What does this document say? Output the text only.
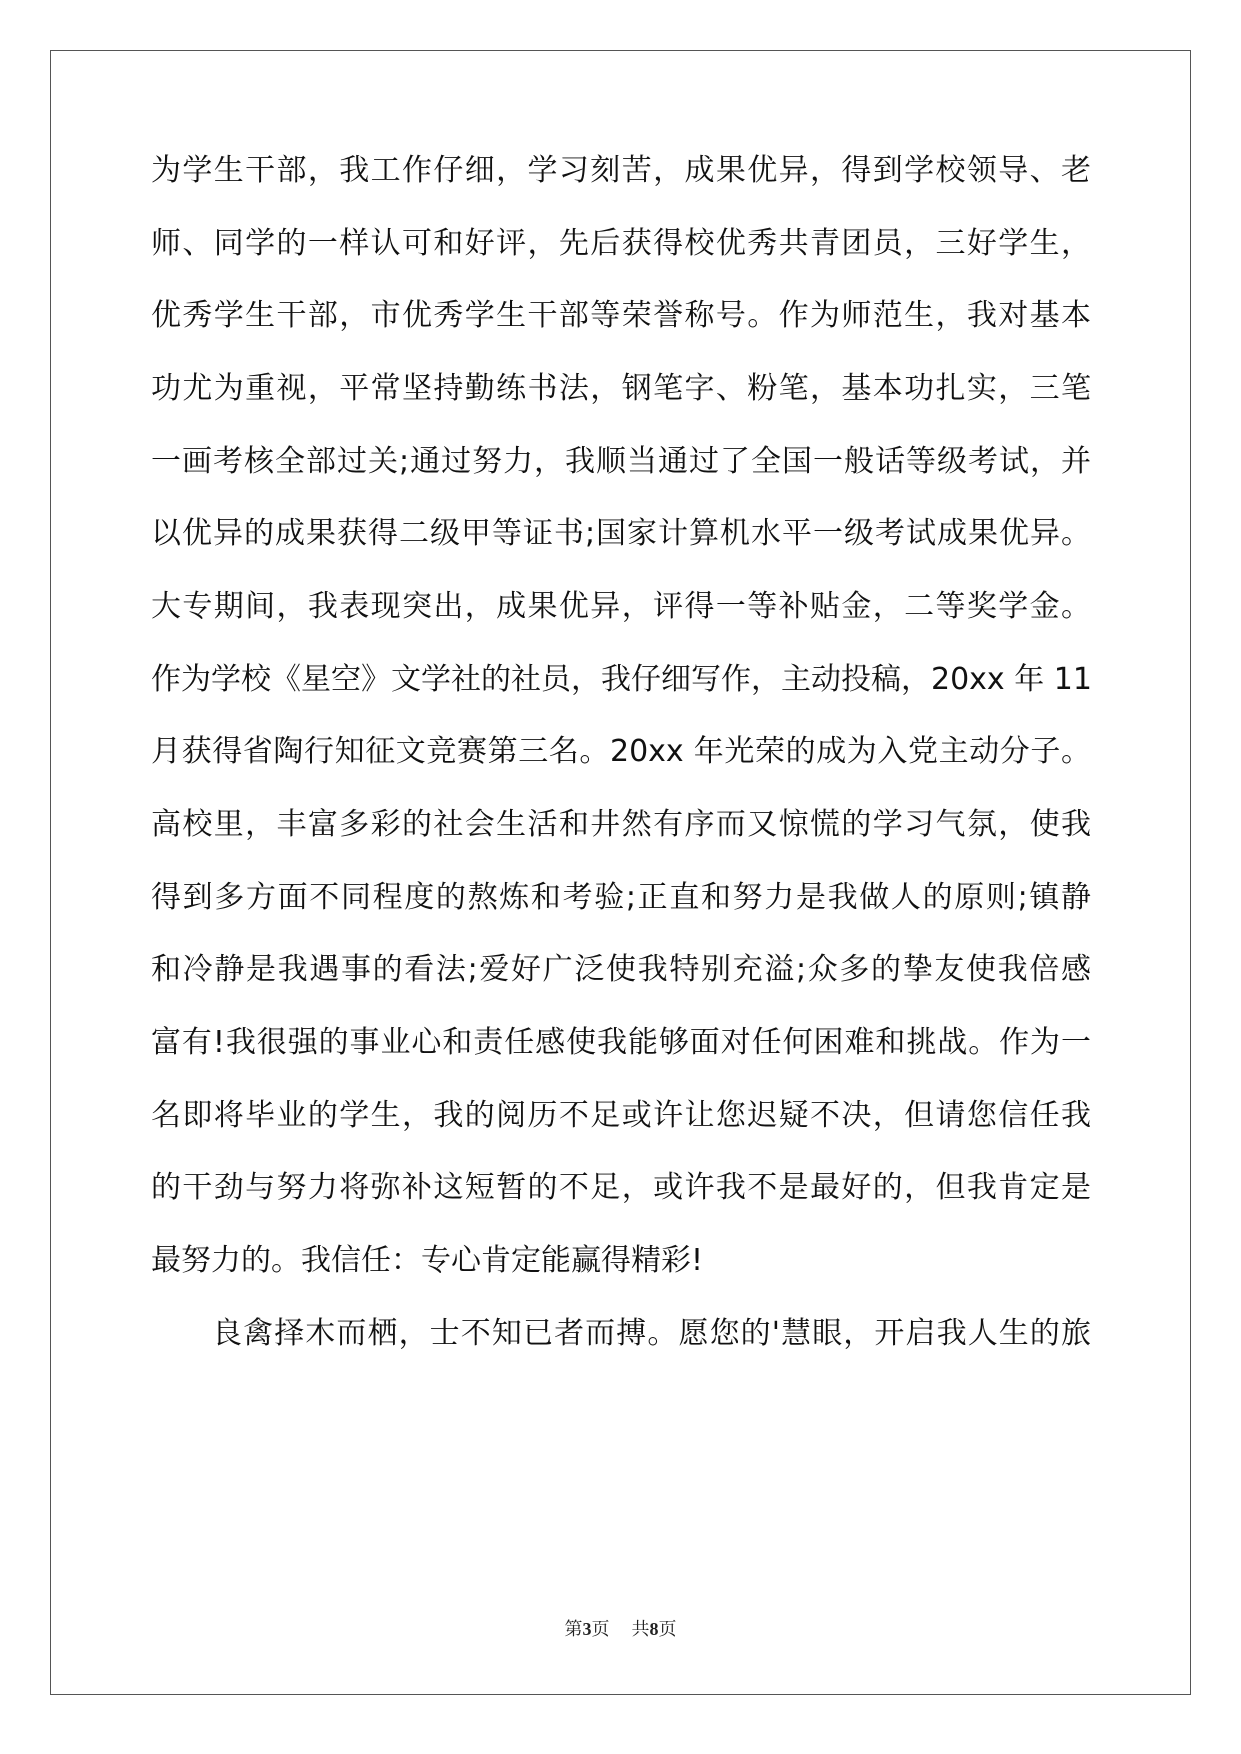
为学生干部，我工作仔细，学习刻苦，成果优异，得到学校领导、老
师、同学的一样认可和好评，先后获得校优秀共青团员，三好学生，
优秀学生干部，市优秀学生干部等荣誉称号。作为师范生，我对基本
功尤为重视，平常坚持勤练书法，钢笔字、粉笔，基本功扎实，三笔
一画考核全部过关;通过努力，我顺当通过了全国一般话等级考试，并
以优异的成果获得二级甲等证书;国家计算机水平一级考试成果优异。
大专期间，我表现突出，成果优异，评得一等补贴金，二等奖学金。
作为学校《星空》文学社的社员，我仔细写作，主动投稿，20xx 年 11
月获得省陶行知征文竞赛第三名。20xx 年光荣的成为入党主动分子。
高校里，丰富多彩的社会生活和井然有序而又惊慌的学习气氛，使我
得到多方面不同程度的熬炼和考验;正直和努力是我做人的原则;镇静
和冷静是我遇事的看法;爱好广泛使我特别充溢;众多的挚友使我倍感
富有!我很强的事业心和责任感使我能够面对任何困难和挑战。作为一
名即将毕业的学生，我的阅历不足或许让您迟疑不决，但请您信任我
的干劲与努力将弥补这短暂的不足，或许我不是最好的，但我肯定是
最努力的。我信任：专心肯定能赢得精彩!
良禽择木而栖，士不知已者而搏。愿您的'慧眼，开启我人生的旅
第3页 共8页
